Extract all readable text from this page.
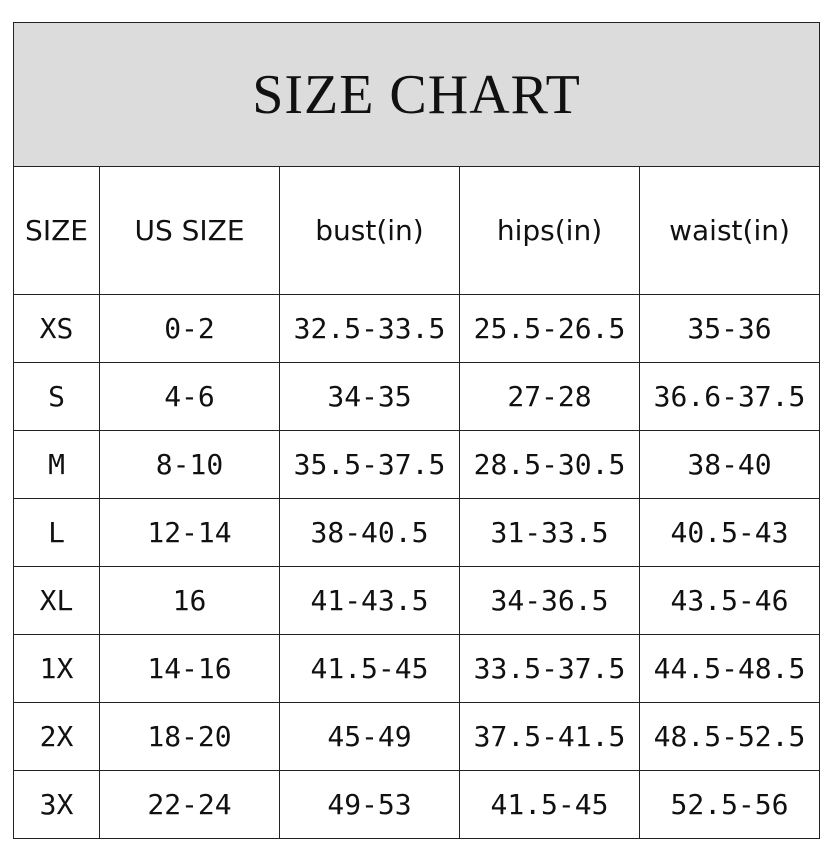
SIZE CHART				
SIZE	US SIZE	bust(in)	hips(in)	waist(in)
XS	0-2	32.5-33.5	25.5-26.5	35-36
S	4-6	34-35	27-28	36.6-37.5
M	8-10	35.5-37.5	28.5-30.5	38-40
L	12-14	38-40.5	31-33.5	40.5-43
XL	16	41-43.5	34-36.5	43.5-46
1X	14-16	41.5-45	33.5-37.5	44.5-48.5
2X	18-20	45-49	37.5-41.5	48.5-52.5
3X	22-24	49-53	41.5-45	52.5-56
